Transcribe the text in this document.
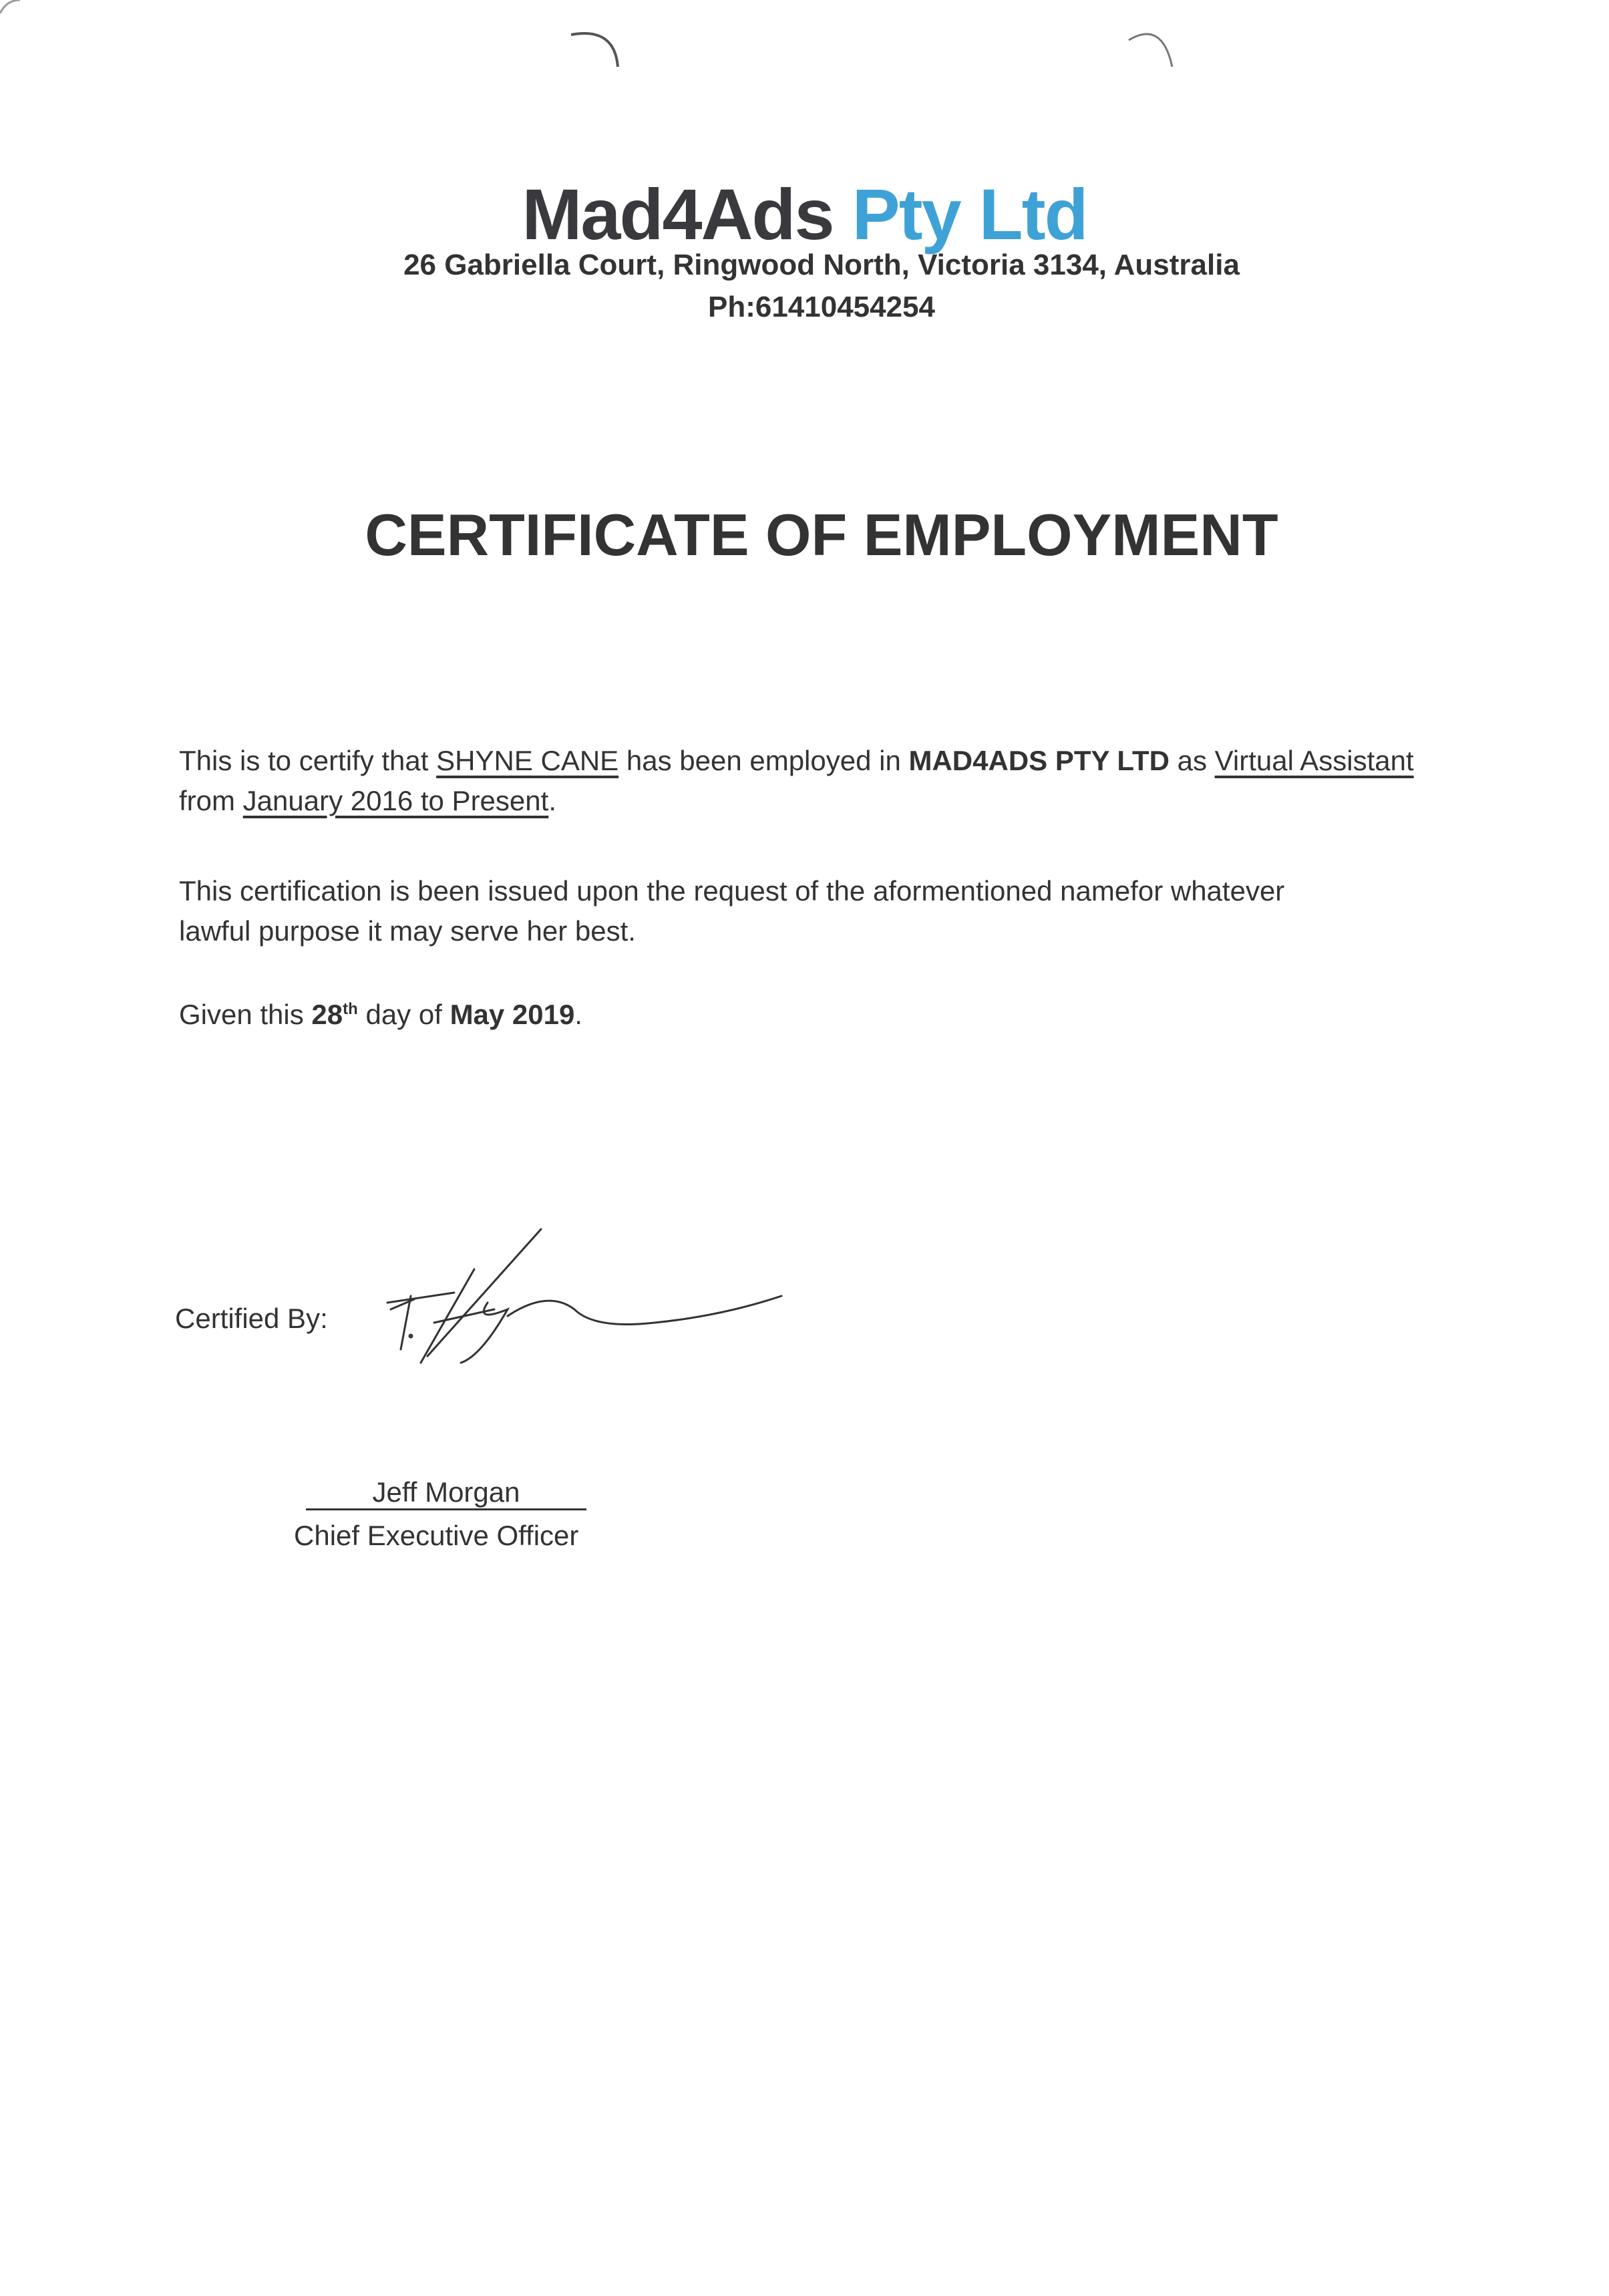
Mad4Ads Pty Ltd
26 Gabriella Court, Ringwood North, Victoria 3134, Australia
Ph:61410454254
CERTIFICATE OF EMPLOYMENT
This is to certify that SHYNE CANE has been employed in MAD4ADS PTY LTD as Virtual Assistant
from January 2016 to Present.
This certification is been issued upon the request of the aformentioned namefor whatever
lawful purpose it may serve her best.
Given this 28th day of May 2019.
Certified By:
Jeff Morgan
Chief Executive Officer
